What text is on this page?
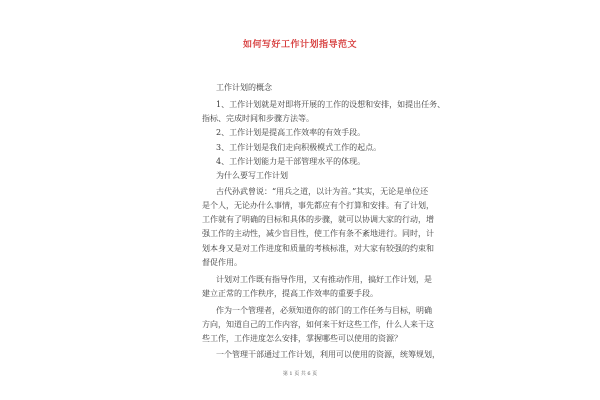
如何写好工作计划指导范文
工作计划的概念
1、工作计划就是对即将开展的工作的设想和安排，如提出任务、
指标、完成时间和步骤方法等。
2、工作计划是提高工作效率的有效手段。
3、工作计划是我们走向积极模式工作的起点。
4、工作计划能力是干部管理水平的体现。
为什么要写工作计划
古代孙武曾说：“用兵之道，以计为首。”其实，无论是单位还
是个人，无论办什么事情，事先都应有个打算和安排。有了计划，
工作就有了明确的目标和具体的步骤，就可以协调大家的行动，增
强工作的主动性，减少盲目性，使工作有条不紊地进行。同时，计
划本身又是对工作进度和质量的考核标准，对大家有较强的约束和
督促作用。
计划对工作既有指导作用，又有推动作用，搞好工作计划，是
建立正常的工作秩序，提高工作效率的重要手段。
作为一个管理者，必须知道你的部门的工作任务与目标，明确
方向，知道自己的工作内容，如何来干好这些工作，什么人来干这
些工作，工作进度怎么安排，掌握哪些可以使用的资源？
一个管理干部通过工作计划，利用可以使用的资源，统筹规划，
第 1 页 共 6 页
